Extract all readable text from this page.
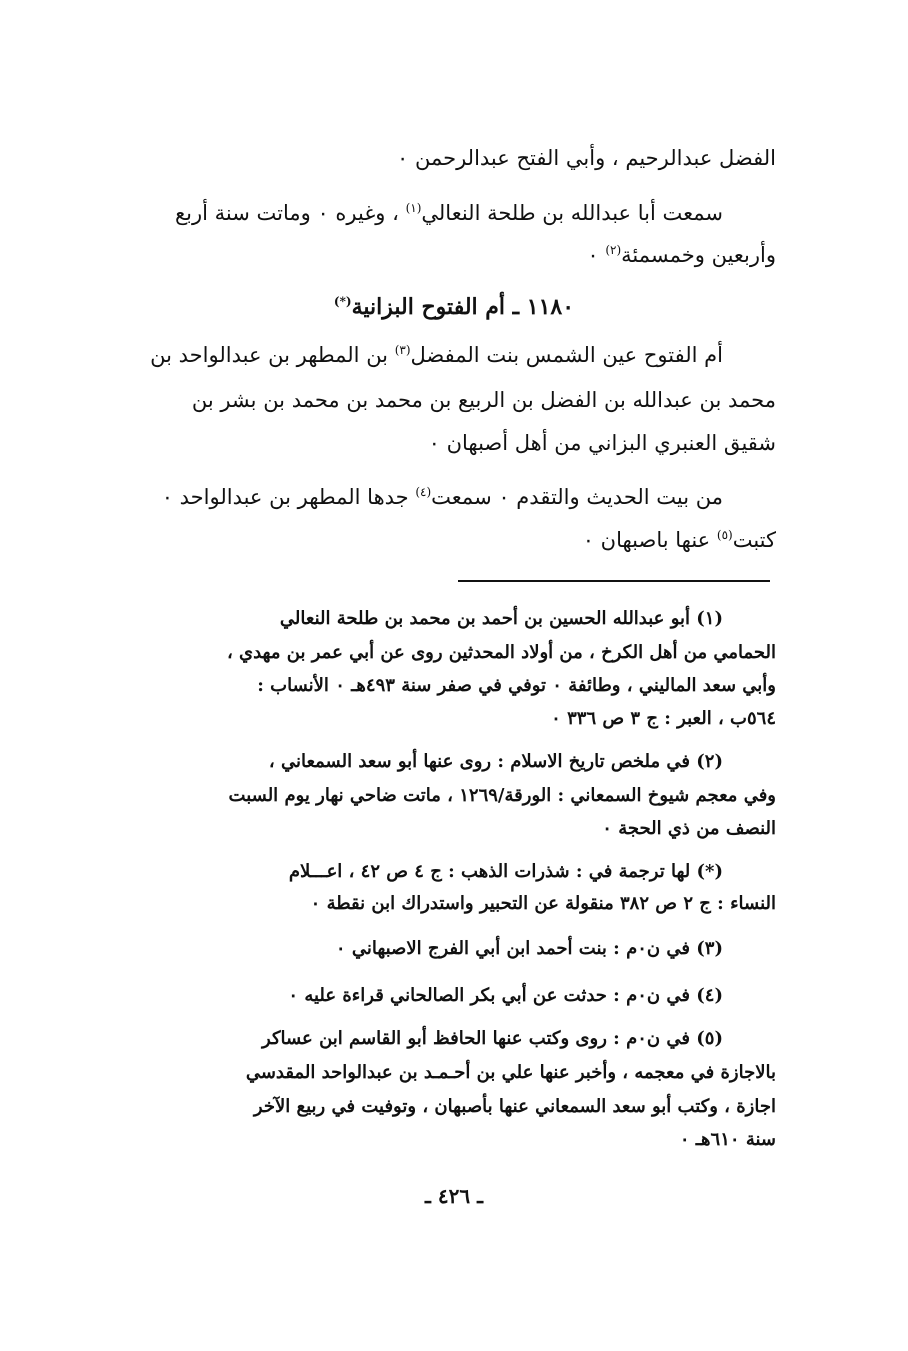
الفضل عبدالرحيم ، وأبي الفتح عبدالرحمن ٠
سمعت أبا عبدالله بن طلحة النعالي$^{(١)}$ ، وغيره ٠ وماتت سنة أربع
وأربعين وخمسمئة$^{(٢)}$ ٠
١١٨٠ ـ أم الفتوح البزانية(*)
أم الفتوح عين الشمس بنت المفضل$^{(٣)}$ بن المطهر بن عبدالواحد بن
محمد بن عبدالله بن الفضل بن الربيع بن محمد بن محمد بن بشر بن
شقيق العنبري البزاني من أهل أصبهان ٠
من بيت الحديث والتقدم ٠ سمعت$^{(٤)}$ جدها المطهر بن عبدالواحد ٠
كتبت$^{(٥)}$ عنها باصبهان ٠
(١) أبو عبدالله الحسين بن أحمد بن محمد بن طلحة النعالي
الحمامي من أهل الكرخ ، من أولاد المحدثين روى عن أبي عمر بن مهدي ،
وأبي سعد الماليني ، وطائفة ٠ توفي في صفر سنة ٤٩٣هـ ٠ الأنساب :
٥٦٤ب ، العبر : ج ٣ ص ٣٣٦ ٠
(٢) في ملخص تاريخ الاسلام : روى عنها أبو سعد السمعاني ،
وفي معجم شيوخ السمعاني : الورقة/١٢٦٩ ، ماتت ضاحي نهار يوم السبت
النصف من ذي الحجة ٠
(*) لها ترجمة في : شذرات الذهب : ج ٤ ص ٤٢ ، اعـــلام
النساء : ج ٢ ص ٣٨٢ منقولة عن التحبير واستدراك ابن نقطة ٠
(٣) في ن٠م : بنت أحمد ابن أبي الفرج الاصبهاني ٠
(٤) في ن٠م : حدثت عن أبي بكر الصالحاني قراءة عليه ٠
(٥) في ن٠م : روى وكتب عنها الحافظ أبو القاسم ابن عساكر
بالاجازة في معجمه ، وأخبر عنها علي بن أحـمـد بن عبدالواحد المقدسي
اجازة ، وكتب أبو سعد السمعاني عنها بأصبهان ، وتوفيت في ربيع الآخر
سنة ٦١٠هـ ٠
ـ ٤٢٦ ـ
